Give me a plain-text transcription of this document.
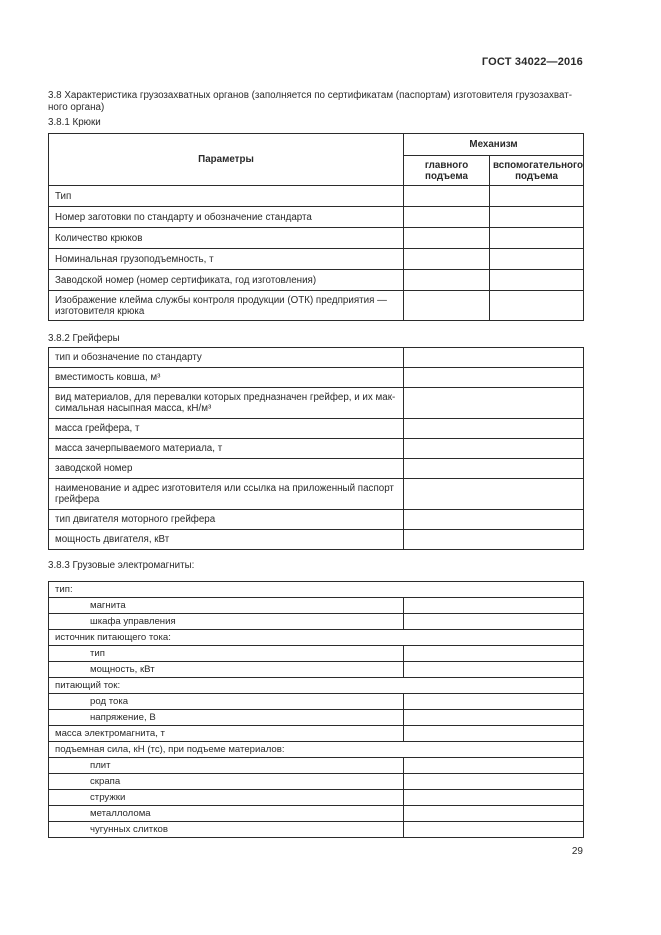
ГОСТ 34022—2016
3.8 Характеристика грузозахватных органов (заполняется по сертификатам (паспортам) изготовителя грузозахват-
ного органа)
3.8.1 Крюки
Параметры	Механизм	
	главного подъема	вспомогательного подъема
Тип		
Номер заготовки по стандарту и обозначение стандарта		
Количество крюков		
Номинальная грузоподъемность, т		
Заводской номер (номер сертификата, год изготовления)		
Изображение клейма службы контроля продукции (ОТК) предприятия — изготовителя крюка		
3.8.2 Грейферы
тип и обозначение по стандарту	
вместимость ковша, м³	
вид материалов, для перевалки которых предназначен грейфер, и их максимальная насыпная масса, кН/м³	
масса грейфера, т	
масса зачерпываемого материала, т	
заводской номер	
наименование и адрес изготовителя или ссылка на приложенный паспорт грейфера	
тип двигателя моторного грейфера	
мощность двигателя, кВт	
3.8.3 Грузовые электромагниты:
тип:	
магнита	
шкафа управления	
источник питающего тока:	
тип	
мощность, кВт	
питающий ток:	
род тока	
напряжение, В	
масса электромагнита, т	
подъемная сила, кН (тс), при подъеме материалов:	
плит	
скрапа	
стружки	
металлолома	
чугунных слитков	
29
